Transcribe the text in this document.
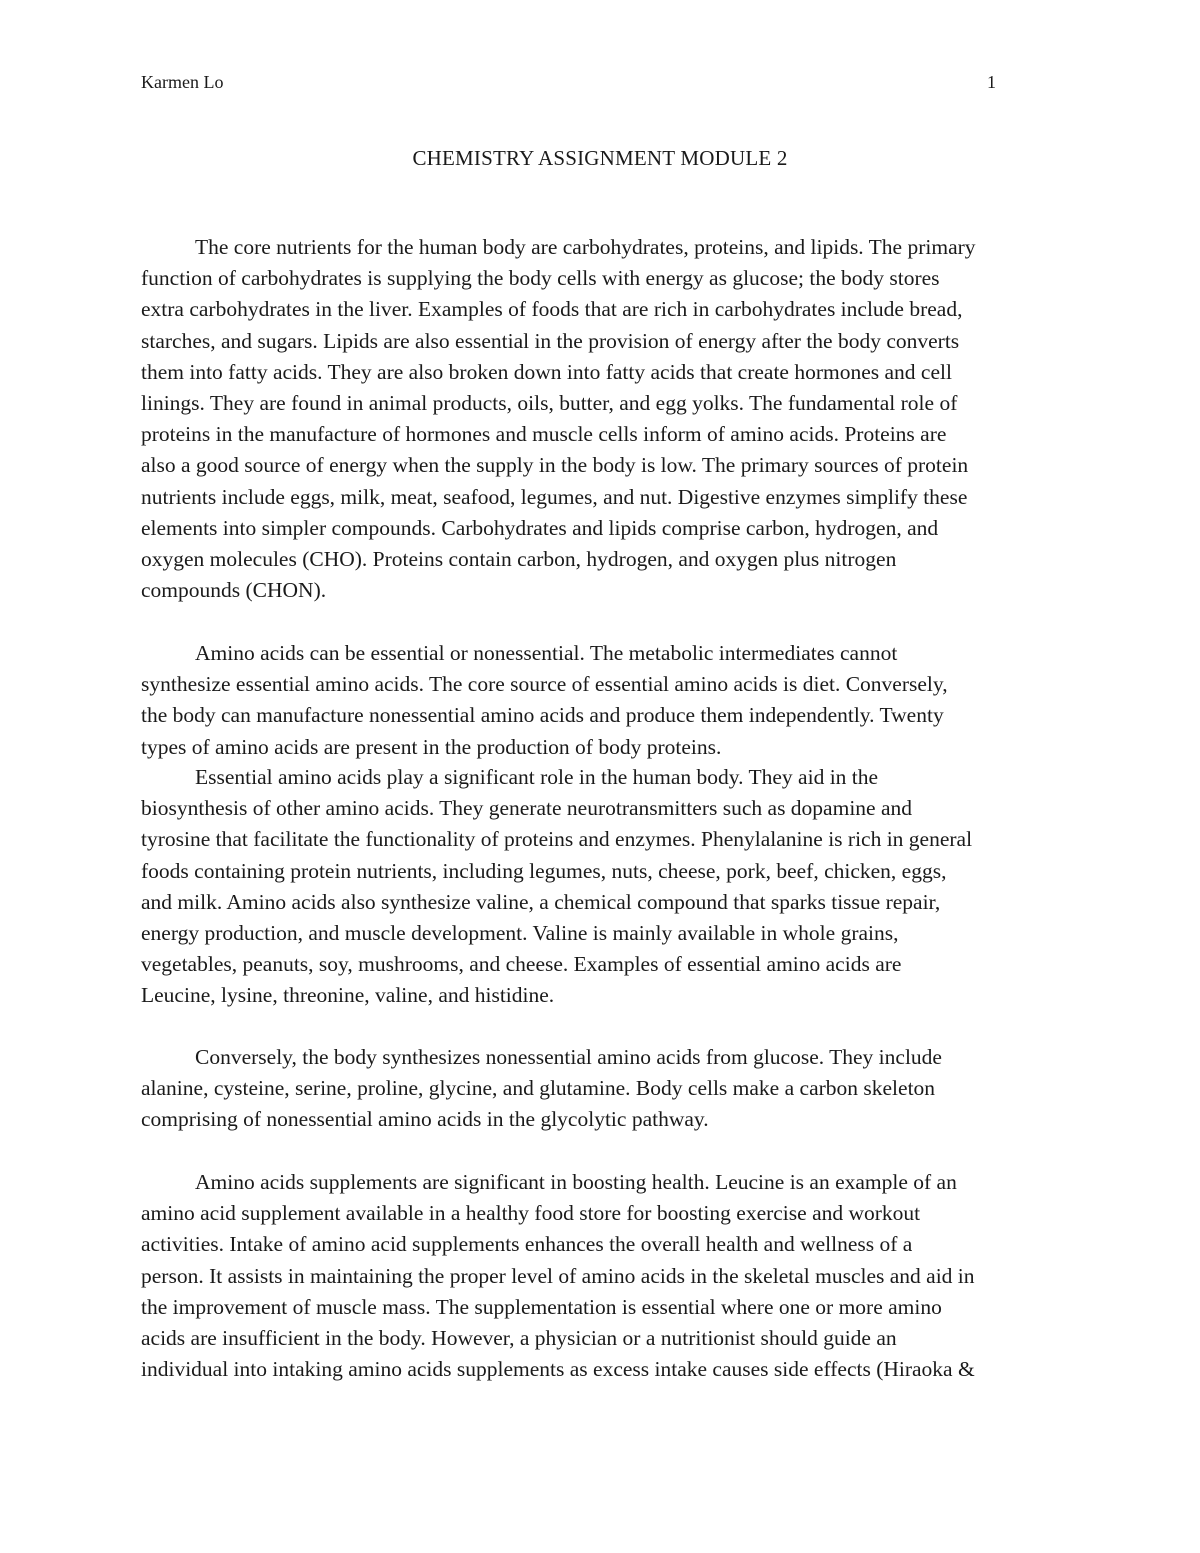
Karmen Lo	1
CHEMISTRY ASSIGNMENT MODULE 2

The core nutrients for the human body are carbohydrates, proteins, and lipids. The primary
function of carbohydrates is supplying the body cells with energy as glucose; the body stores
extra carbohydrates in the liver. Examples of foods that are rich in carbohydrates include bread,
starches, and sugars. Lipids are also essential in the provision of energy after the body converts
them into fatty acids. They are also broken down into fatty acids that create hormones and cell
linings. They are found in animal products, oils, butter, and egg yolks. The fundamental role of
proteins in the manufacture of hormones and muscle cells inform of amino acids. Proteins are
also a good source of energy when the supply in the body is low. The primary sources of protein
nutrients include eggs, milk, meat, seafood, legumes, and nut. Digestive enzymes simplify these
elements into simpler compounds. Carbohydrates and lipids comprise carbon, hydrogen, and
oxygen molecules (CHO). Proteins contain carbon, hydrogen, and oxygen plus nitrogen
compounds (CHON).

Amino acids can be essential or nonessential. The metabolic intermediates cannot
synthesize essential amino acids. The core source of essential amino acids is diet. Conversely,
the body can manufacture nonessential amino acids and produce them independently. Twenty
types of amino acids are present in the production of body proteins.

Essential amino acids play a significant role in the human body. They aid in the
biosynthesis of other amino acids. They generate neurotransmitters such as dopamine and
tyrosine that facilitate the functionality of proteins and enzymes. Phenylalanine is rich in general
foods containing protein nutrients, including legumes, nuts, cheese, pork, beef, chicken, eggs,
and milk. Amino acids also synthesize valine, a chemical compound that sparks tissue repair,
energy production, and muscle development. Valine is mainly available in whole grains,
vegetables, peanuts, soy, mushrooms, and cheese. Examples of essential amino acids are
Leucine, lysine, threonine, valine, and histidine.

Conversely, the body synthesizes nonessential amino acids from glucose. They include
alanine, cysteine, serine, proline, glycine, and glutamine. Body cells make a carbon skeleton
comprising of nonessential amino acids in the glycolytic pathway.

Amino acids supplements are significant in boosting health. Leucine is an example of an
amino acid supplement available in a healthy food store for boosting exercise and workout
activities. Intake of amino acid supplements enhances the overall health and wellness of a
person. It assists in maintaining the proper level of amino acids in the skeletal muscles and aid in
the improvement of muscle mass. The supplementation is essential where one or more amino
acids are insufficient in the body. However, a physician or a nutritionist should guide an
individual into intaking amino acids supplements as excess intake causes side effects (Hiraoka &
